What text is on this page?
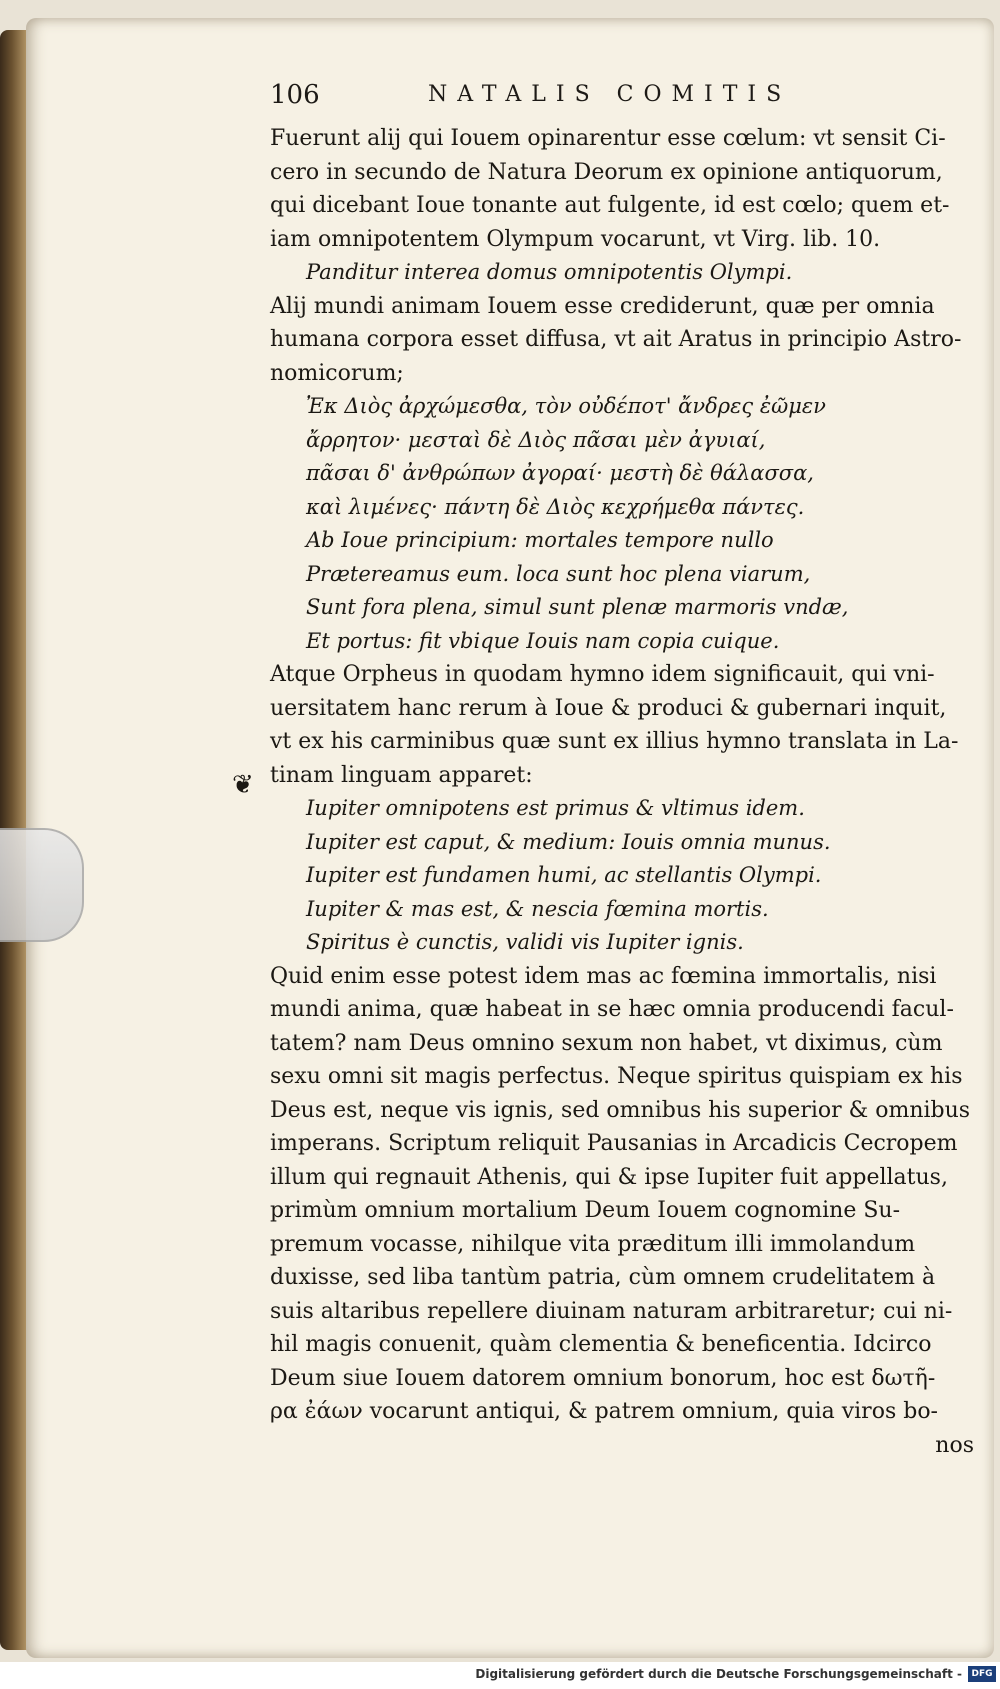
106	NATALIS COMITIS
❦
Fuerunt alij qui Iouem opinarentur esse cœlum: vt sensit Ci-
cero in secundo de Natura Deorum ex opinione antiquorum,
qui dicebant Ioue tonante aut fulgente, id est cœlo; quem et-
iam omnipotentem Olympum vocarunt, vt Virg. lib. 10.
Panditur interea domus omnipotentis Olympi.
Alij mundi animam Iouem esse crediderunt, quæ per omnia
humana corpora esset diffusa, vt ait Aratus in principio Astro-
nomicorum;
Ἐκ Διὸς ἀρχώμεσθα, τὸν οὐδέποτ' ἄνδρες ἐῶμεν
ἄρρητον· μεσταὶ δὲ Διὸς πᾶσαι μὲν ἀγυιαί,
πᾶσαι δ' ἀνθρώπων ἀγοραί· μεστὴ δὲ θάλασσα,
καὶ λιμένες· πάντη δὲ Διὸς κεχρήμεθα πάντες.
Ab Ioue principium: mortales tempore nullo
Prætereamus eum. loca sunt hoc plena viarum,
Sunt fora plena, simul sunt plenæ marmoris vndæ,
Et portus: fit vbique Iouis nam copia cuique.
Atque Orpheus in quodam hymno idem significauit, qui vni-
uersitatem hanc rerum à Ioue & produci & gubernari inquit,
vt ex his carminibus quæ sunt ex illius hymno translata in La-
tinam linguam apparet:
Iupiter omnipotens est primus & vltimus idem.
Iupiter est caput, & medium: Iouis omnia munus.
Iupiter est fundamen humi, ac stellantis Olympi.
Iupiter & mas est, & nescia fœmina mortis.
Spiritus è cunctis, validi vis Iupiter ignis.
Quid enim esse potest idem mas ac fœmina immortalis, nisi
mundi anima, quæ habeat in se hæc omnia producendi facul-
tatem? nam Deus omnino sexum non habet, vt diximus, cùm
sexu omni sit magis perfectus. Neque spiritus quispiam ex his
Deus est, neque vis ignis, sed omnibus his superior & omnibus
imperans. Scriptum reliquit Pausanias in Arcadicis Cecropem
illum qui regnauit Athenis, qui & ipse Iupiter fuit appellatus,
primùm omnium mortalium Deum Iouem cognomine Su-
premum vocasse, nihilque vita præditum illi immolandum
duxisse, sed liba tantùm patria, cùm omnem crudelitatem à
suis altaribus repellere diuinam naturam arbitraretur; cui ni-
hil magis conuenit, quàm clementia & beneficentia. Idcirco
Deum siue Iouem datorem omnium bonorum, hoc est δωτῆ-
ρα ἐάων vocarunt antiqui, & patrem omnium, quia viros bo-
nos
Digitalisierung gefördert durch die Deutsche Forschungsgemeinschaft -	DFG
